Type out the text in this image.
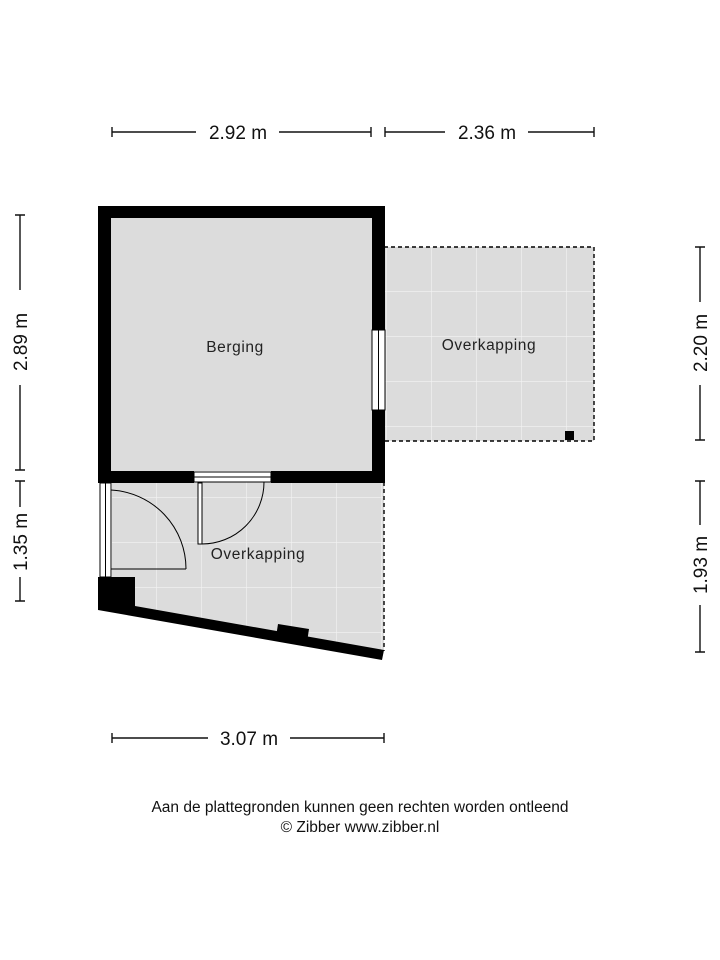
2.92 m	2.36 m
2.89 m
1.35 m
2.20 m
1.93 m
3.07 m
Berging	Overkapping
Overkapping
Aan de plattegronden kunnen geen rechten worden ontleend
© Zibber www.zibber.nl
